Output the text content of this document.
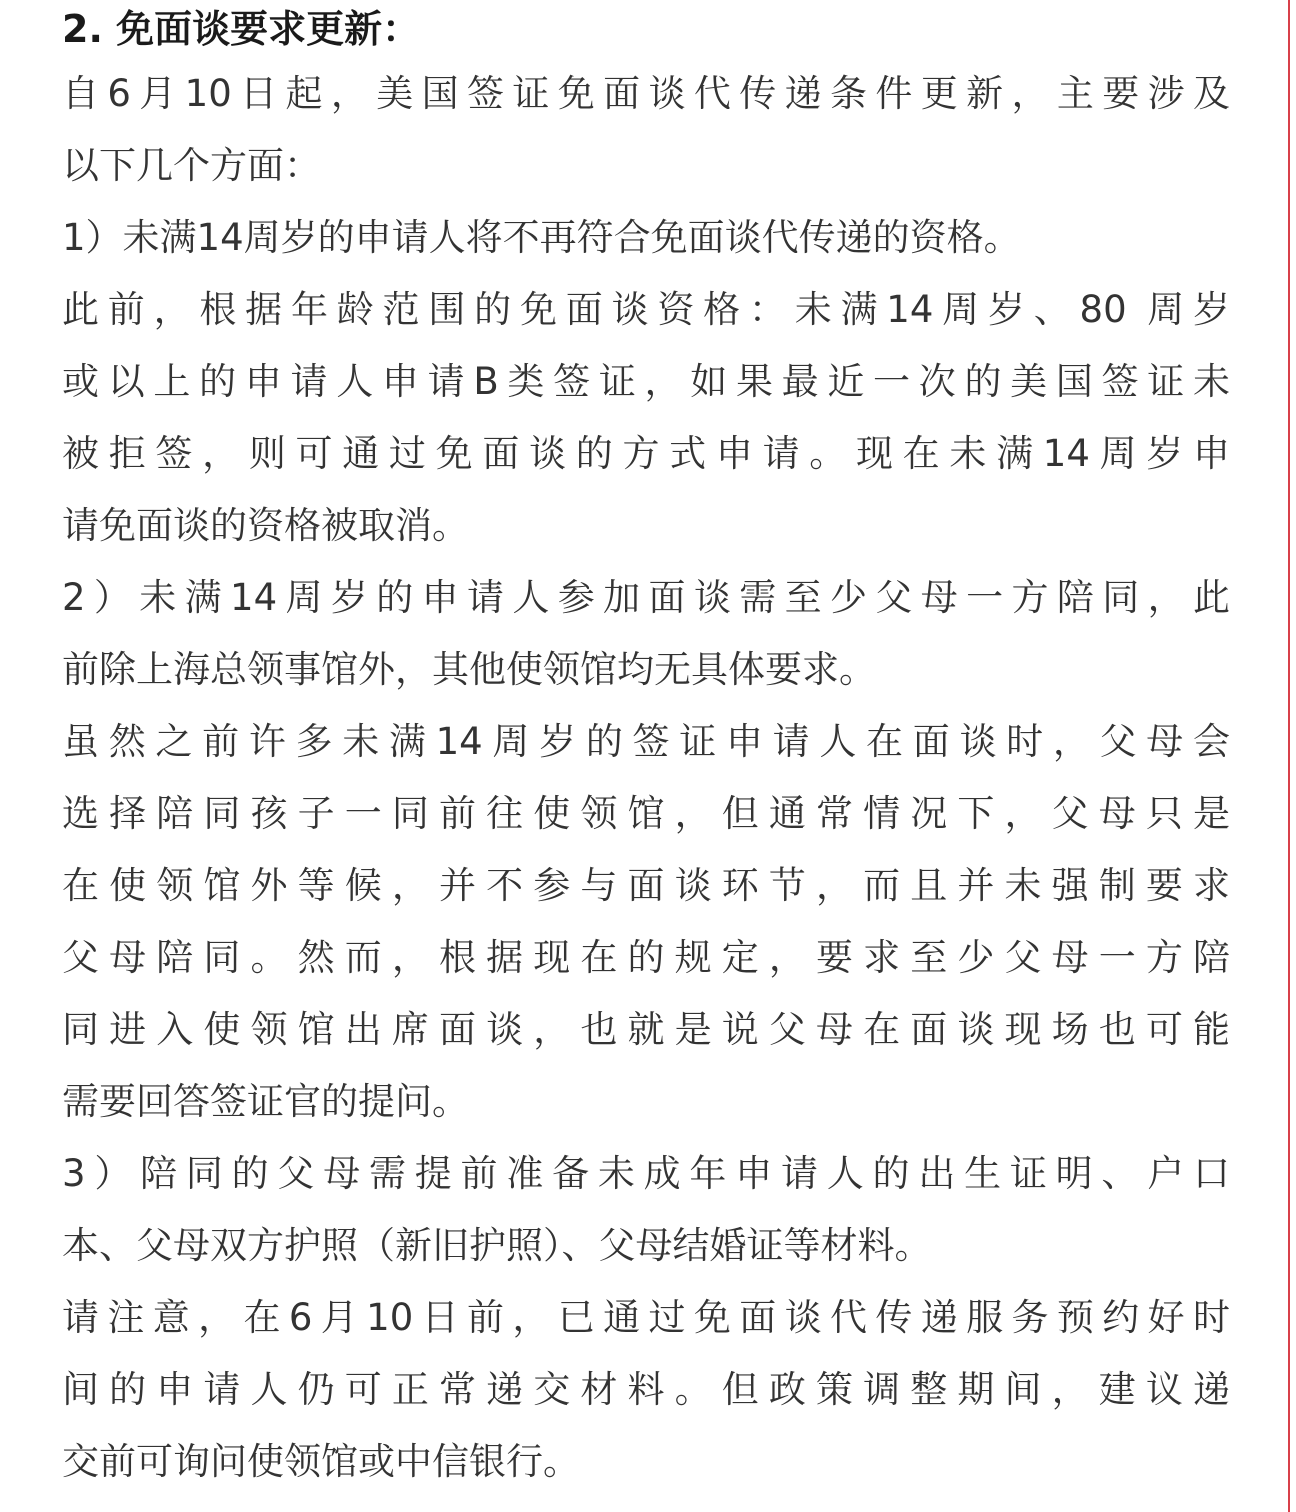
2. 免面谈要求更新：

自6月10日起，美国签证免面谈代传递条件更新，主要涉及
以下几个方面：

1）未满14周岁的申请人将不再符合免面谈代传递的资格。

此前，根据年龄范围的免面谈资格：未满14周岁、80 周岁
或以上的申请人申请B类签证，如果最近一次的美国签证未
被拒签，则可通过免面谈的方式申请。现在未满14周岁申
请免面谈的资格被取消。

2）未满14周岁的申请人参加面谈需至少父母一方陪同，此
前除上海总领事馆外，其他使领馆均无具体要求。

虽然之前许多未满14周岁的签证申请人在面谈时，父母会
选择陪同孩子一同前往使领馆，但通常情况下，父母只是
在使领馆外等候，并不参与面谈环节，而且并未强制要求
父母陪同。然而，根据现在的规定，要求至少父母一方陪
同进入使领馆出席面谈，也就是说父母在面谈现场也可能
需要回答签证官的提问。

3）陪同的父母需提前准备未成年申请人的出生证明、户口
本、父母双方护照（新旧护照）、父母结婚证等材料。

请注意，在6月10日前，已通过免面谈代传递服务预约好时
间的申请人仍可正常递交材料。但政策调整期间，建议递
交前可询问使领馆或中信银行。
